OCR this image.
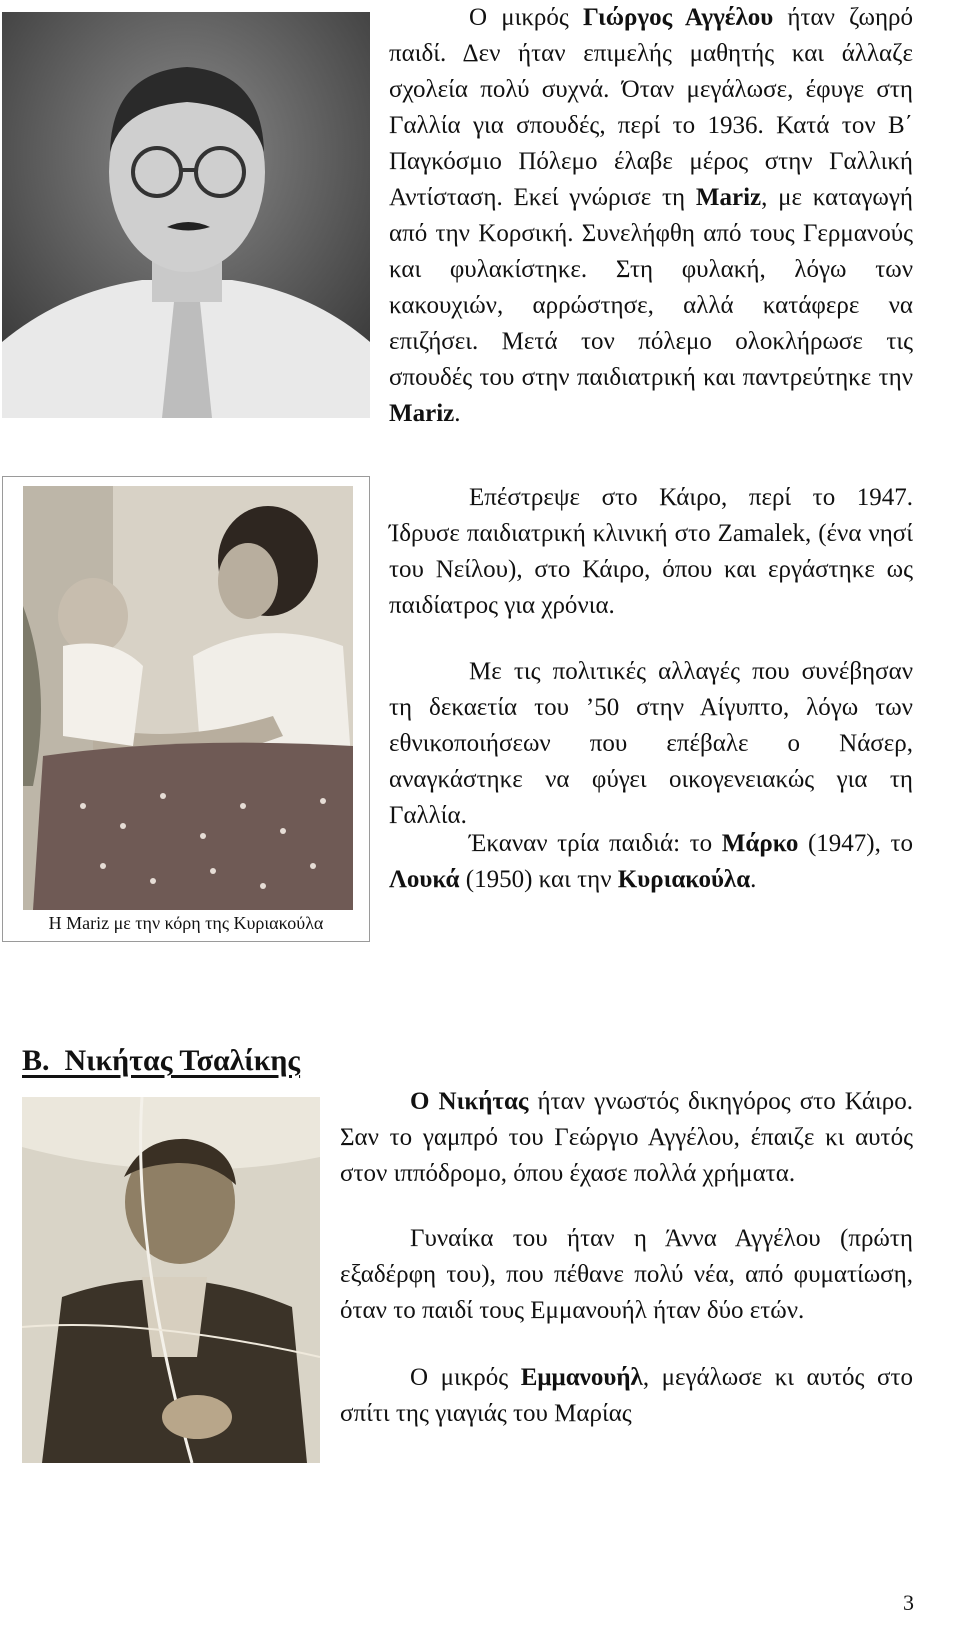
Ο μικρός Γιώργος Αγγέλου ήταν ζωηρό παιδί. Δεν ήταν επιμελής μαθητής και άλλαζε σχολεία πολύ συχνά. Όταν μεγάλωσε, έφυγε στη Γαλλία για σπουδές, περί το 1936. Κατά τον Β΄ Παγκόσμιο Πόλεμο έλαβε μέρος στην Γαλλική Αντίσταση. Εκεί γνώρισε τη Mariz, με καταγωγή από την Κορσική. Συνελήφθη από τους Γερμανούς και φυλακίστηκε. Στη φυλακή, λόγω των κακουχιών, αρρώστησε, αλλά κατάφερε να επιζήσει. Μετά τον πόλεμο ολοκλήρωσε τις σπουδές του στην παιδιατρική και παντρεύτηκε την Mariz.

Η Mariz με την κόρη της Κυριακούλα

Επέστρεψε στο Κάιρο, περί το 1947. Ίδρυσε παιδιατρική κλινική στο Zamalek, (ένα νησί του Νείλου), στο Κάιρο, όπου και εργάστηκε ως παιδίατρος για χρόνια.

Με τις πολιτικές αλλαγές που συνέβησαν τη δεκαετία του ’50 στην Αίγυπτο, λόγω των εθνικοποιήσεων που επέβαλε ο Νάσερ, αναγκάστηκε να φύγει οικογενειακώς για τη Γαλλία.

Έκαναν τρία παιδιά: το Μάρκο (1947), το Λουκά (1950) και την Κυριακούλα.

Β.  Νικήτας Τσαλίκης

Ο Νικήτας ήταν γνωστός δικηγόρος στο Κάιρο. Σαν το γαμπρό του Γεώργιο Αγγέλου, έπαιζε κι αυτός στον ιππόδρομο, όπου έχασε πολλά χρήματα.

Γυναίκα του ήταν η Άννα Αγγέλου (πρώτη εξαδέρφη του), που πέθανε πολύ νέα, από φυματίωση, όταν το παιδί τους Εμμανουήλ ήταν δύο ετών.

Ο μικρός Εμμανουήλ, μεγάλωσε κι αυτός στο σπίτι της γιαγιάς του Μαρίας

3
